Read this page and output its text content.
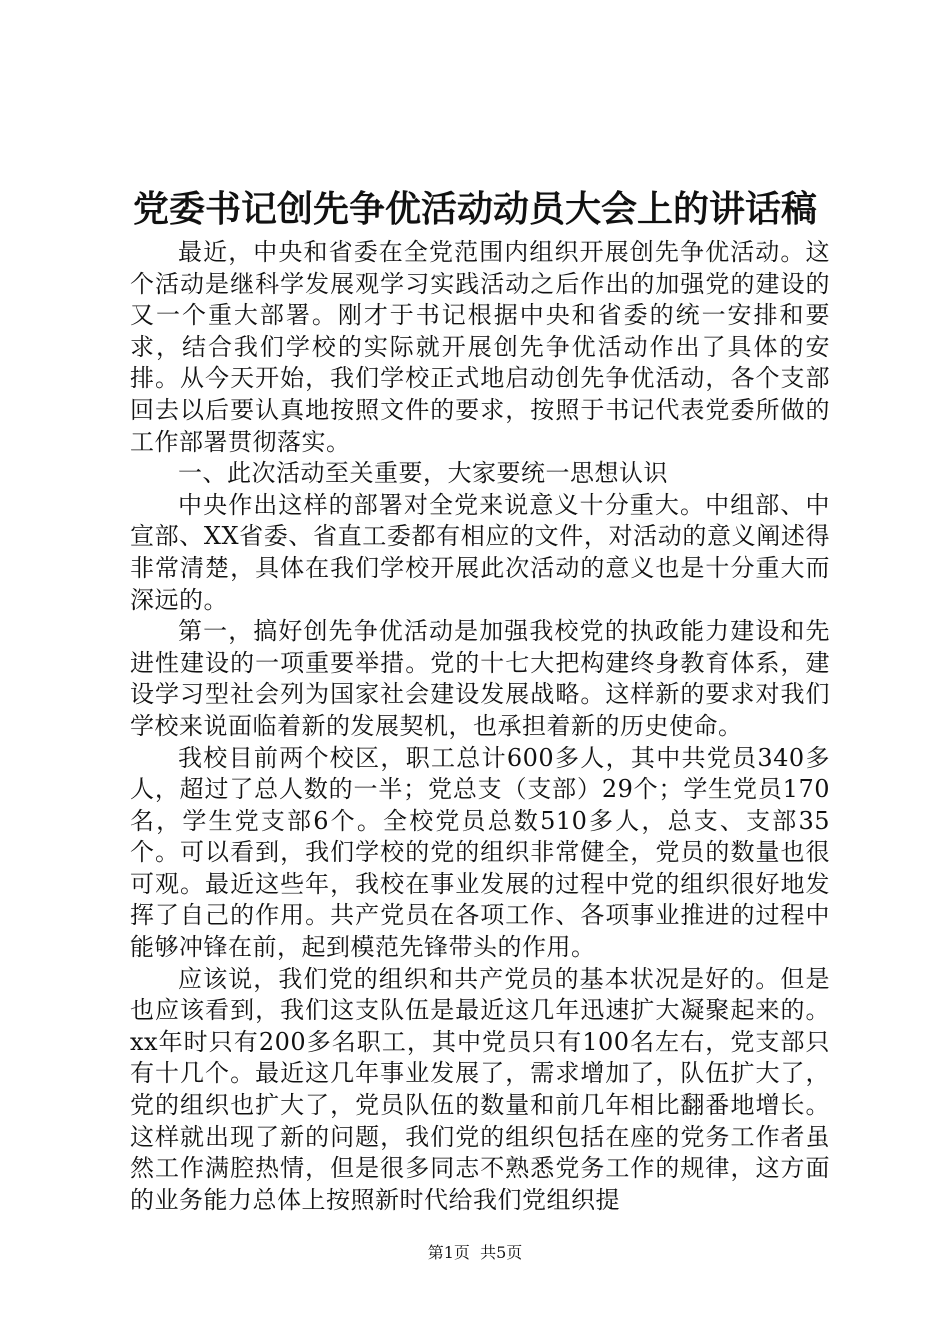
党委书记创先争优活动动员大会上的讲话稿

最近，中央和省委在全党范围内组织开展创先争优活动。这个活动是继科学发展观学习实践活动之后作出的加强党的建设的又一个重大部署。刚才于书记根据中央和省委的统一安排和要求，结合我们学校的实际就开展创先争优活动作出了具体的安排。从今天开始，我们学校正式地启动创先争优活动，各个支部回去以后要认真地按照文件的要求，按照于书记代表党委所做的工作部署贯彻落实。

一、此次活动至关重要，大家要统一思想认识

中央作出这样的部署对全党来说意义十分重大。中组部、中宣部、XX省委、省直工委都有相应的文件，对活动的意义阐述得非常清楚，具体在我们学校开展此次活动的意义也是十分重大而深远的。

第一，搞好创先争优活动是加强我校党的执政能力建设和先进性建设的一项重要举措。党的十七大把构建终身教育体系，建设学习型社会列为国家社会建设发展战略。这样新的要求对我们学校来说面临着新的发展契机，也承担着新的历史使命。

我校目前两个校区，职工总计600多人，其中共党员340多人，超过了总人数的一半；党总支（支部）29个；学生党员170名，学生党支部6个。全校党员总数510多人，总支、支部35个。可以看到，我们学校的党的组织非常健全，党员的数量也很可观。最近这些年，我校在事业发展的过程中党的组织很好地发挥了自己的作用。共产党员在各项工作、各项事业推进的过程中能够冲锋在前，起到模范先锋带头的作用。

应该说，我们党的组织和共产党员的基本状况是好的。但是也应该看到，我们这支队伍是最近这几年迅速扩大凝聚起来的。xx年时只有200多名职工，其中党员只有100名左右，党支部只有十几个。最近这几年事业发展了，需求增加了，队伍扩大了，党的组织也扩大了，党员队伍的数量和前几年相比翻番地增长。这样就出现了新的问题，我们党的组织包括在座的党务工作者虽然工作满腔热情，但是很多同志不熟悉党务工作的规律，这方面的业务能力总体上按照新时代给我们党组织提

第1页  共5页
